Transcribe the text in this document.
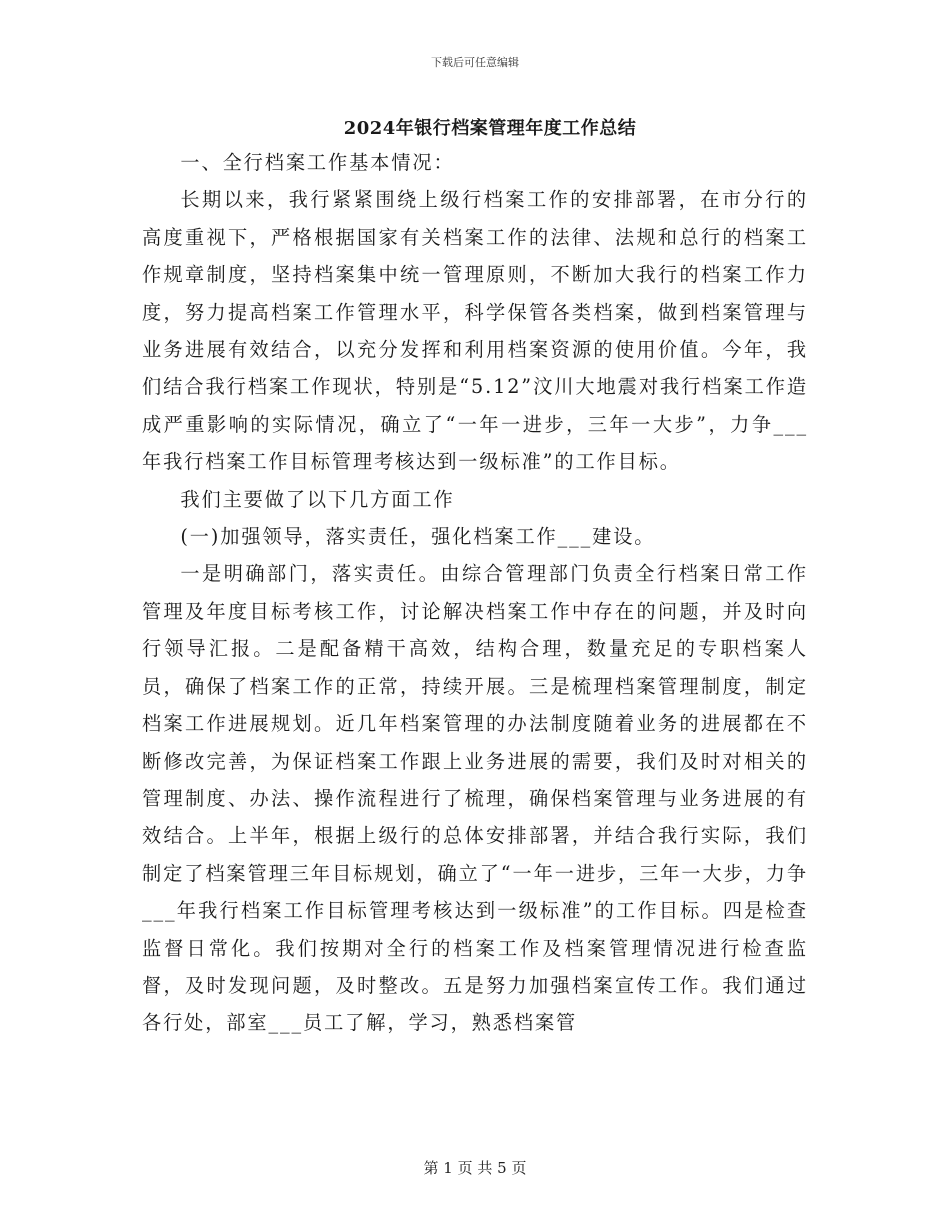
下载后可任意编辑
2024年银行档案管理年度工作总结

一、全行档案工作基本情况：

长期以来，我行紧紧围绕上级行档案工作的安排部署，在市分行的高度重视下，严格根据国家有关档案工作的法律、法规和总行的档案工作规章制度，坚持档案集中统一管理原则，不断加大我行的档案工作力度，努力提高档案工作管理水平，科学保管各类档案，做到档案管理与业务进展有效结合，以充分发挥和利用档案资源的使用价值。今年，我们结合我行档案工作现状，特别是“5.12”汶川大地震对我行档案工作造成严重影响的实际情况，确立了“一年一进步，三年一大步”，力争___年我行档案工作目标管理考核达到一级标准”的工作目标。

我们主要做了以下几方面工作

(一)加强领导，落实责任，强化档案工作___建设。

一是明确部门，落实责任。由综合管理部门负责全行档案日常工作管理及年度目标考核工作，讨论解决档案工作中存在的问题，并及时向行领导汇报。二是配备精干高效，结构合理，数量充足的专职档案人员，确保了档案工作的正常，持续开展。三是梳理档案管理制度，制定档案工作进展规划。近几年档案管理的办法制度随着业务的进展都在不断修改完善，为保证档案工作跟上业务进展的需要，我们及时对相关的管理制度、办法、操作流程进行了梳理，确保档案管理与业务进展的有效结合。上半年，根据上级行的总体安排部署，并结合我行实际，我们制定了档案管理三年目标规划，确立了“一年一进步，三年一大步，力争___年我行档案工作目标管理考核达到一级标准”的工作目标。四是检查监督日常化。我们按期对全行的档案工作及档案管理情况进行检查监督，及时发现问题，及时整改。五是努力加强档案宣传工作。我们通过各行处，部室___员工了解，学习，熟悉档案管

第 1 页 共 5 页
